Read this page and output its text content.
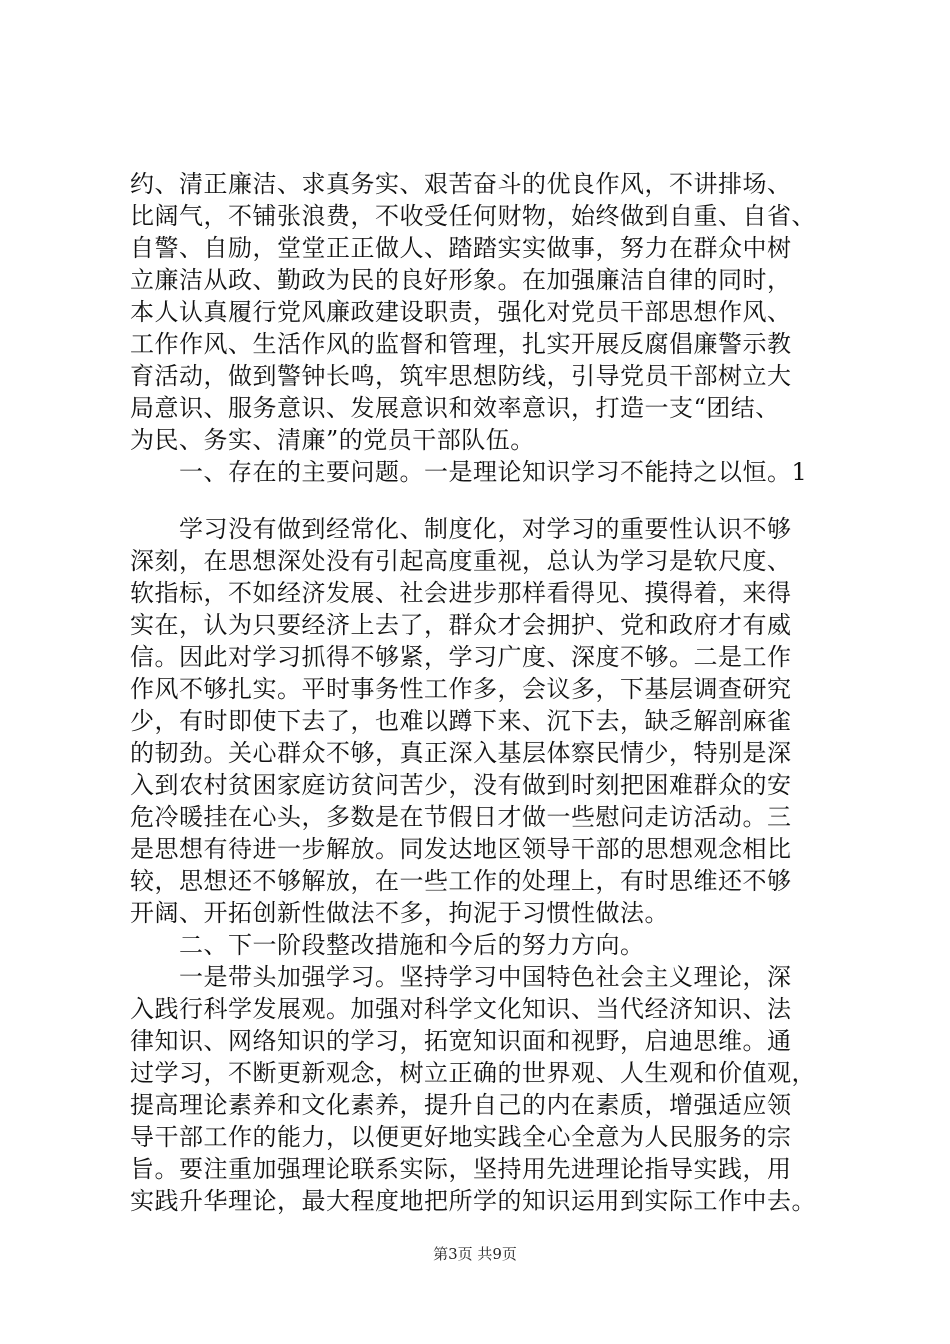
约、清正廉洁、求真务实、艰苦奋斗的优良作风，不讲排场、
比阔气，不铺张浪费，不收受任何财物，始终做到自重、自省、
自警、自励，堂堂正正做人、踏踏实实做事，努力在群众中树
立廉洁从政、勤政为民的良好形象。在加强廉洁自律的同时，
本人认真履行党风廉政建设职责，强化对党员干部思想作风、
工作作风、生活作风的监督和管理，扎实开展反腐倡廉警示教
育活动，做到警钟长鸣，筑牢思想防线，引导党员干部树立大
局意识、服务意识、发展意识和效率意识，打造一支“团结、
为民、务实、清廉”的党员干部队伍。
　　一、存在的主要问题。一是理论知识学习不能持之以恒。1
　　学习没有做到经常化、制度化，对学习的重要性认识不够
深刻，在思想深处没有引起高度重视，总认为学习是软尺度、
软指标，不如经济发展、社会进步那样看得见、摸得着，来得
实在，认为只要经济上去了，群众才会拥护、党和政府才有威
信。因此对学习抓得不够紧，学习广度、深度不够。二是工作
作风不够扎实。平时事务性工作多，会议多，下基层调查研究
少，有时即使下去了，也难以蹲下来、沉下去，缺乏解剖麻雀
的韧劲。关心群众不够，真正深入基层体察民情少，特别是深
入到农村贫困家庭访贫问苦少，没有做到时刻把困难群众的安
危冷暖挂在心头，多数是在节假日才做一些慰问走访活动。三
是思想有待进一步解放。同发达地区领导干部的思想观念相比
较，思想还不够解放，在一些工作的处理上，有时思维还不够
开阔、开拓创新性做法不多，拘泥于习惯性做法。
　　二、下一阶段整改措施和今后的努力方向。
　　一是带头加强学习。坚持学习中国特色社会主义理论，深
入践行科学发展观。加强对科学文化知识、当代经济知识、法
律知识、网络知识的学习，拓宽知识面和视野，启迪思维。通
过学习，不断更新观念，树立正确的世界观、人生观和价值观，
提高理论素养和文化素养，提升自己的内在素质，增强适应领
导干部工作的能力，以便更好地实践全心全意为人民服务的宗
旨。要注重加强理论联系实际，坚持用先进理论指导实践，用
实践升华理论，最大程度地把所学的知识运用到实际工作中去。
第3页 共9页
